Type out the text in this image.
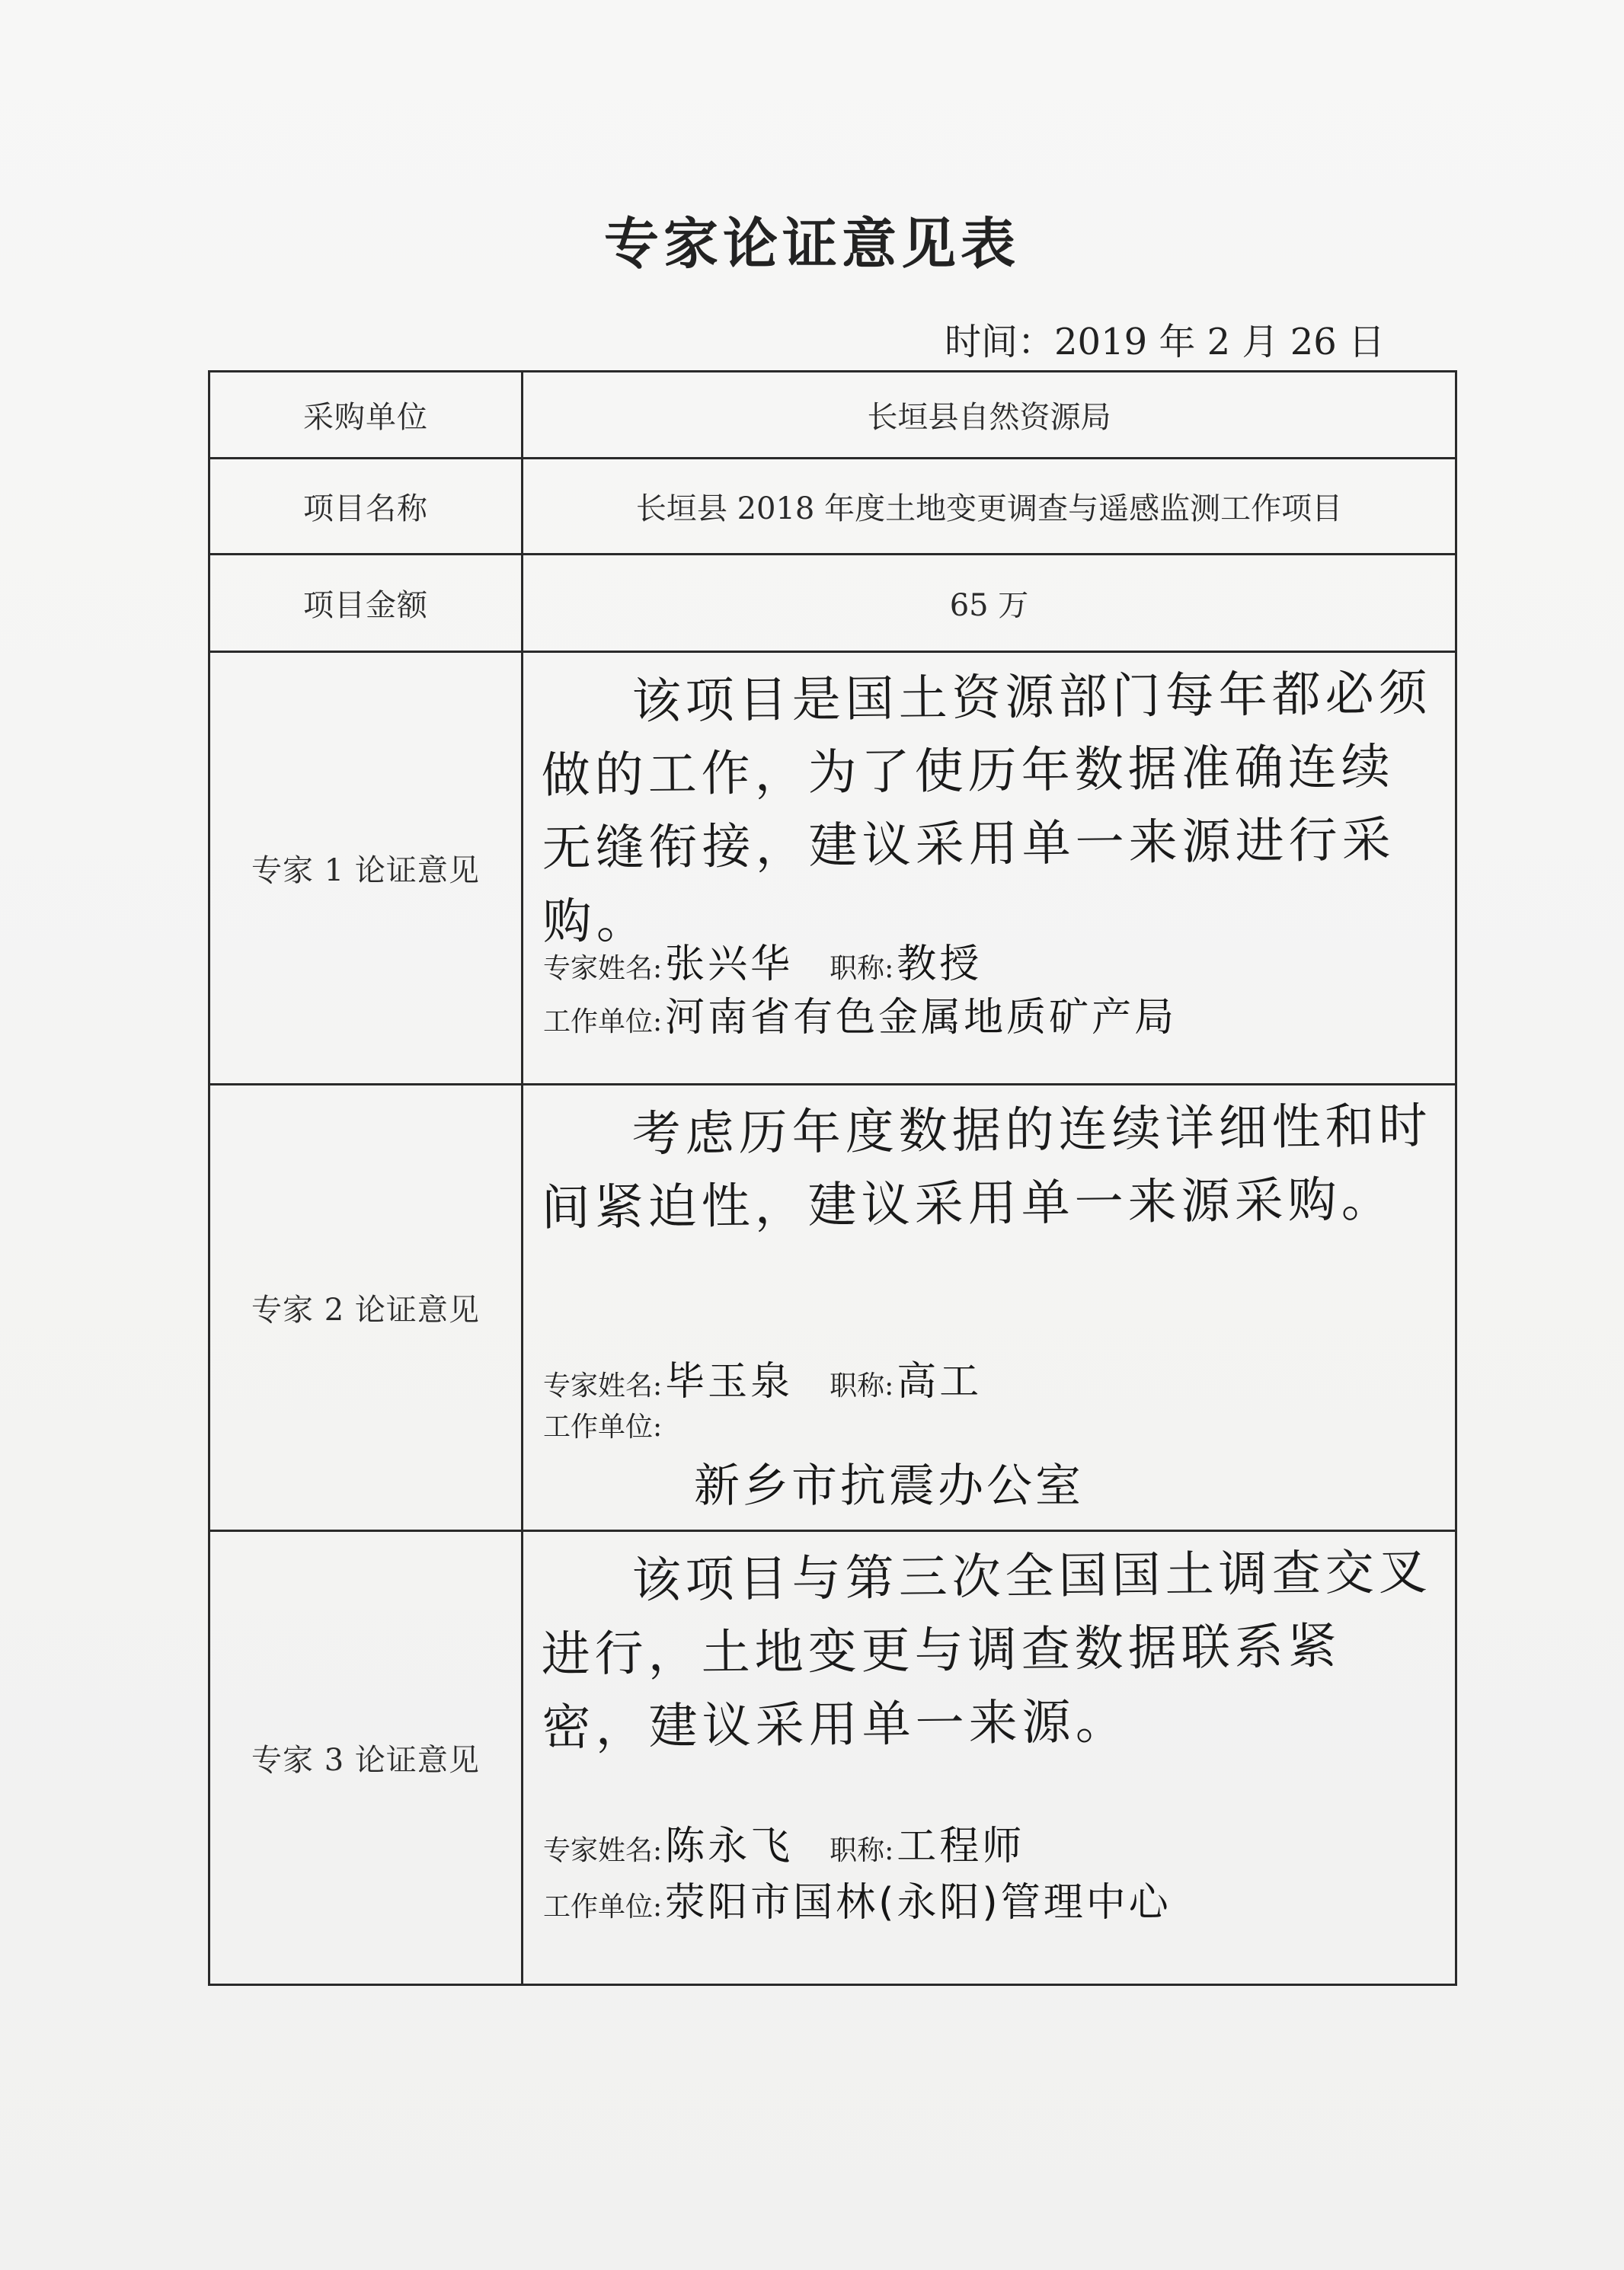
专家论证意见表
时间：2019 年 2 月 26 日
采购单位	长垣县自然资源局
项目名称	长垣县 2018 年度土地变更调查与遥感监测工作项目
项目金额	65 万
专家 1 论证意见	该项目是国土资源部门每年都必须做的工作，为了使历年数据准确连续无缝衔接，建议采用单一来源进行采购。
专家姓名:张兴华 职称:教授
工作单位:河南省有色金属地质矿产局

专家 2 论证意见	考虑历年度数据的连续详细性和时间紧迫性，建议采用单一来源采购。
专家姓名:毕玉泉 职称:高工
工作单位:
新乡市抗震办公室

专家 3 论证意见	该项目与第三次全国国土调查交叉进行，土地变更与调查数据联系紧密，建议采用单一来源。
专家姓名:陈永飞 职称:工程师
工作单位:荥阳市国林(永阳)管理中心
